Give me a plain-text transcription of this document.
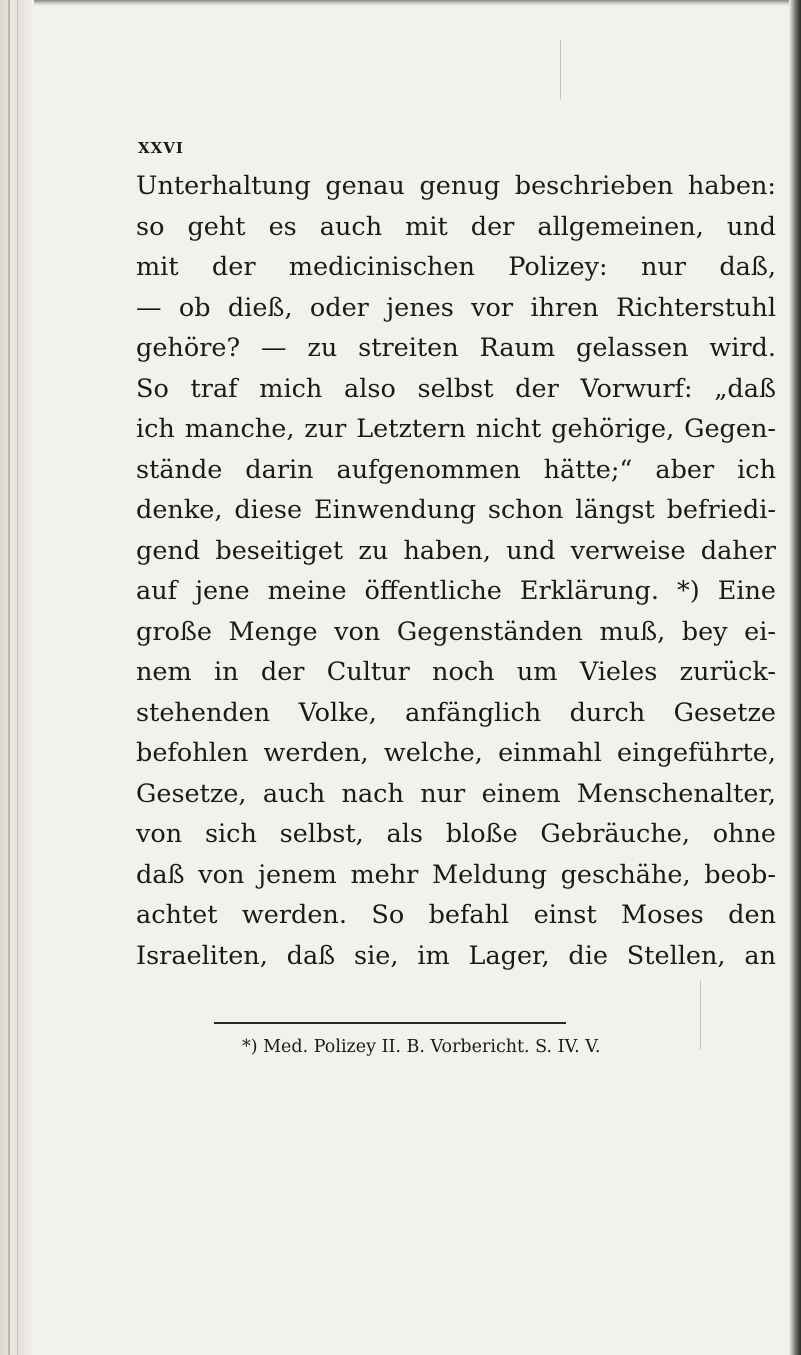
XXVI
Unterhaltung genau genug beschrieben haben:
so geht es auch mit der allgemeinen, und
mit der medicinischen Polizey: nur daß,
— ob dieß, oder jenes vor ihren Richterstuhl
gehöre? — zu streiten Raum gelassen wird.
So traf mich also selbst der Vorwurf: „daß
ich manche, zur Letztern nicht gehörige, Gegen-
stände darin aufgenommen hätte;“ aber ich
denke, diese Einwendung schon längst befriedi-
gend beseitiget zu haben, und verweise daher
auf jene meine öffentliche Erklärung. *) Eine
große Menge von Gegenständen muß, bey ei-
nem in der Cultur noch um Vieles zurück-
stehenden Volke, anfänglich durch Gesetze
befohlen werden, welche, einmahl eingeführte,
Gesetze, auch nach nur einem Menschenalter,
von sich selbst, als bloße Gebräuche, ohne
daß von jenem mehr Meldung geschähe, beob-
achtet werden. So befahl einst Moses den
Israeliten, daß sie, im Lager, die Stellen, an
*) Med. Polizey II. B. Vorbericht. S. IV. V.
